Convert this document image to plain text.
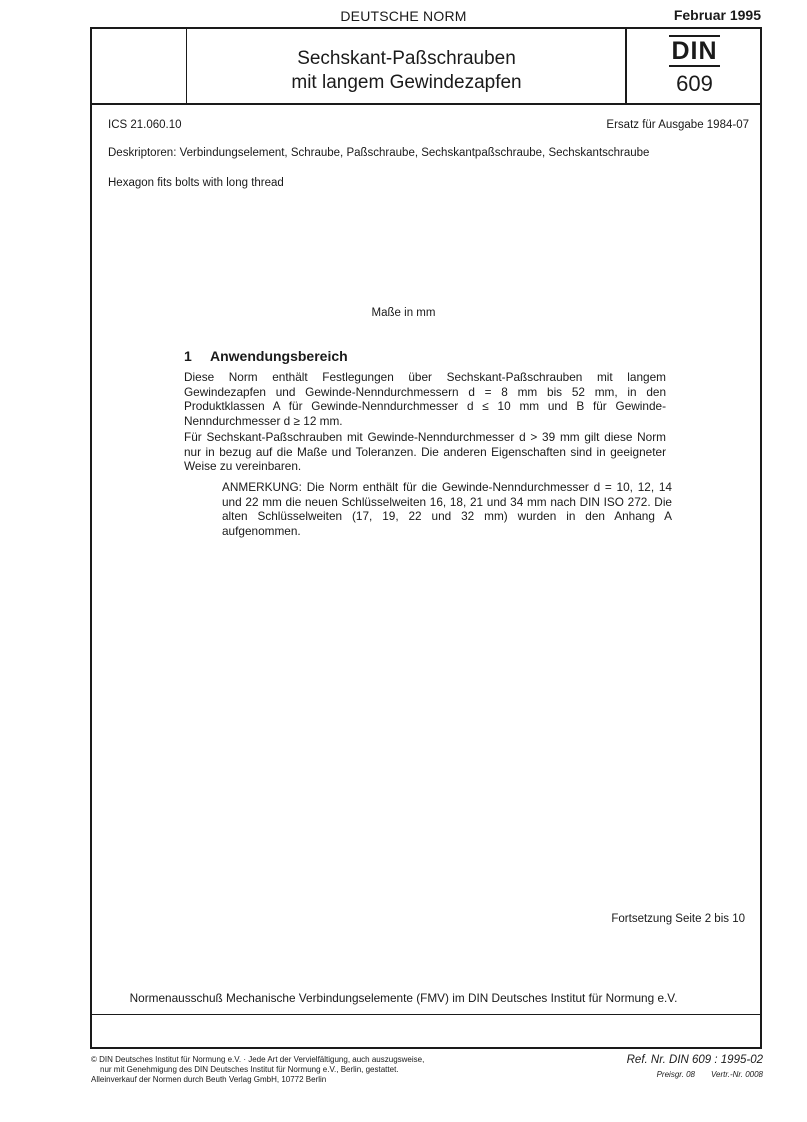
DEUTSCHE NORM	Februar 1995
Sechskant-Paßschrauben
mit langem Gewindezapfen
DIN
609
ICS 21.060.10	Ersatz für Ausgabe 1984-07
Deskriptoren: Verbindungselement, Schraube, Paßschraube, Sechskantpaßschraube, Sechskantschraube
Hexagon fits bolts with long thread
Maße in mm
1 Anwendungsbereich
Diese Norm enthält Festlegungen über Sechskant-Paßschrauben mit langem Gewindezapfen und Gewinde-Nenndurchmessern d = 8 mm bis 52 mm, in den Produktklassen A für Gewinde-Nenndurchmesser d ≤ 10 mm und B für Gewinde-Nenndurchmesser d ≥ 12 mm.
Für Sechskant-Paßschrauben mit Gewinde-Nenndurchmesser d > 39 mm gilt diese Norm nur in bezug auf die Maße und Toleranzen. Die anderen Eigenschaften sind in geeigneter Weise zu vereinbaren.
ANMERKUNG: Die Norm enthält für die Gewinde-Nenndurchmesser d = 10, 12, 14 und 22 mm die neuen Schlüsselweiten 16, 18, 21 und 34 mm nach DIN ISO 272. Die alten Schlüsselweiten (17, 19, 22 und 32 mm) wurden in den Anhang A aufgenommen.
Fortsetzung Seite 2 bis 10
Normenausschuß Mechanische Verbindungselemente (FMV) im DIN Deutsches Institut für Normung e.V.
© DIN Deutsches Institut für Normung e.V. · Jede Art der Vervielfältigung, auch auszugsweise,
nur mit Genehmigung des DIN Deutsches Institut für Normung e.V., Berlin, gestattet.
Alleinverkauf der Normen durch Beuth Verlag GmbH, 10772 Berlin
Ref. Nr. DIN 609 : 1995-02
Preisgr. 08 Vertr.-Nr. 0008
